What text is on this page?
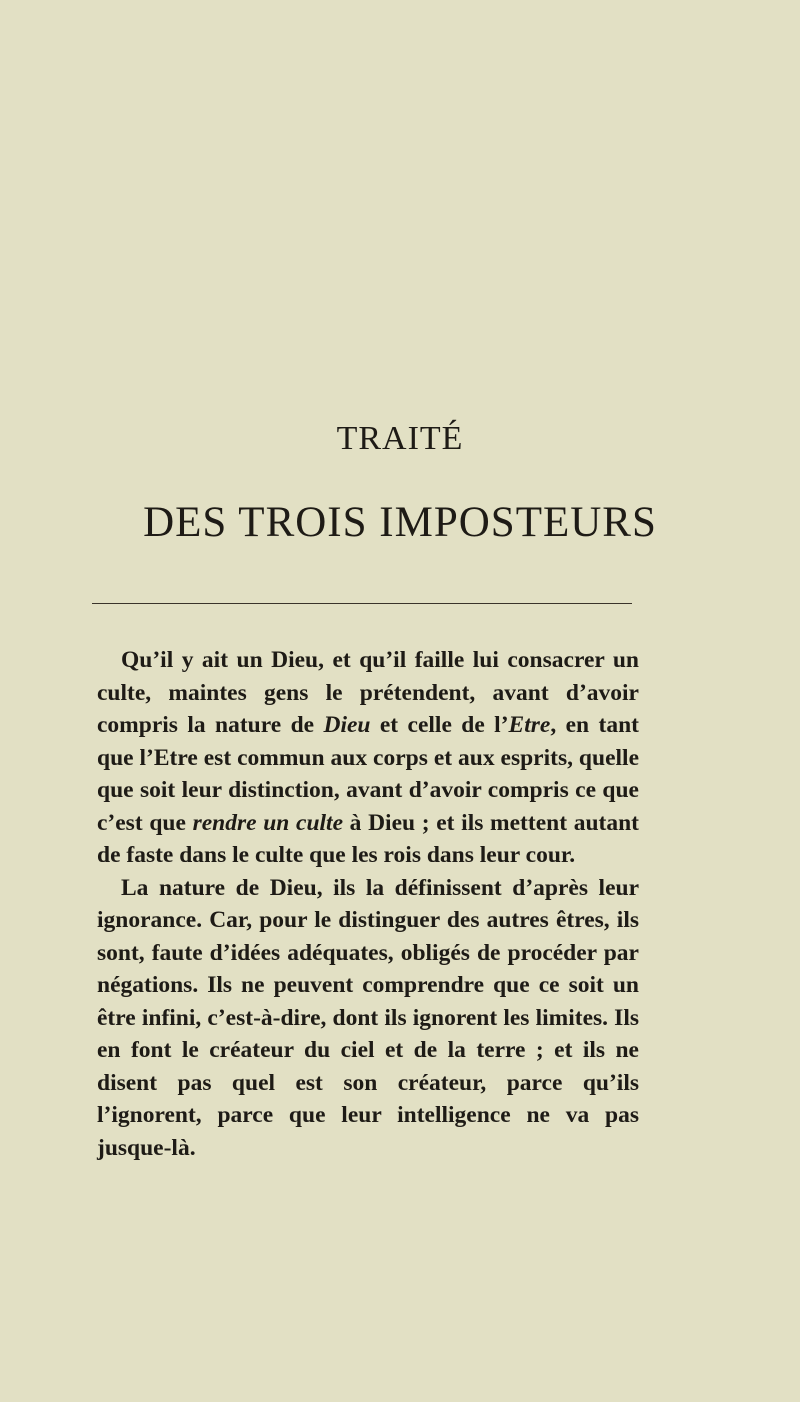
TRAITÉ
DES TROIS IMPOSTEURS

Qu’il y ait un Dieu, et qu’il faille lui consacrer un culte, maintes gens le prétendent, avant d’avoir compris la nature de Dieu et celle de l’Etre, en tant que l’Etre est commun aux corps et aux esprits, quelle que soit leur distinction, avant d’avoir compris ce que c’est que rendre un culte à Dieu ; et ils mettent autant de faste dans le culte que les rois dans leur cour.

La nature de Dieu, ils la définissent d’après leur ignorance. Car, pour le distinguer des autres êtres, ils sont, faute d’idées adéquates, obligés de procéder par négations. Ils ne peuvent comprendre que ce soit un être infini, c’est-à-dire, dont ils ignorent les limites. Ils en font le créateur du ciel et de la terre ; et ils ne disent pas quel est son créateur, parce qu’ils l’ignorent, parce que leur intelligence ne va pas jusque-là.
